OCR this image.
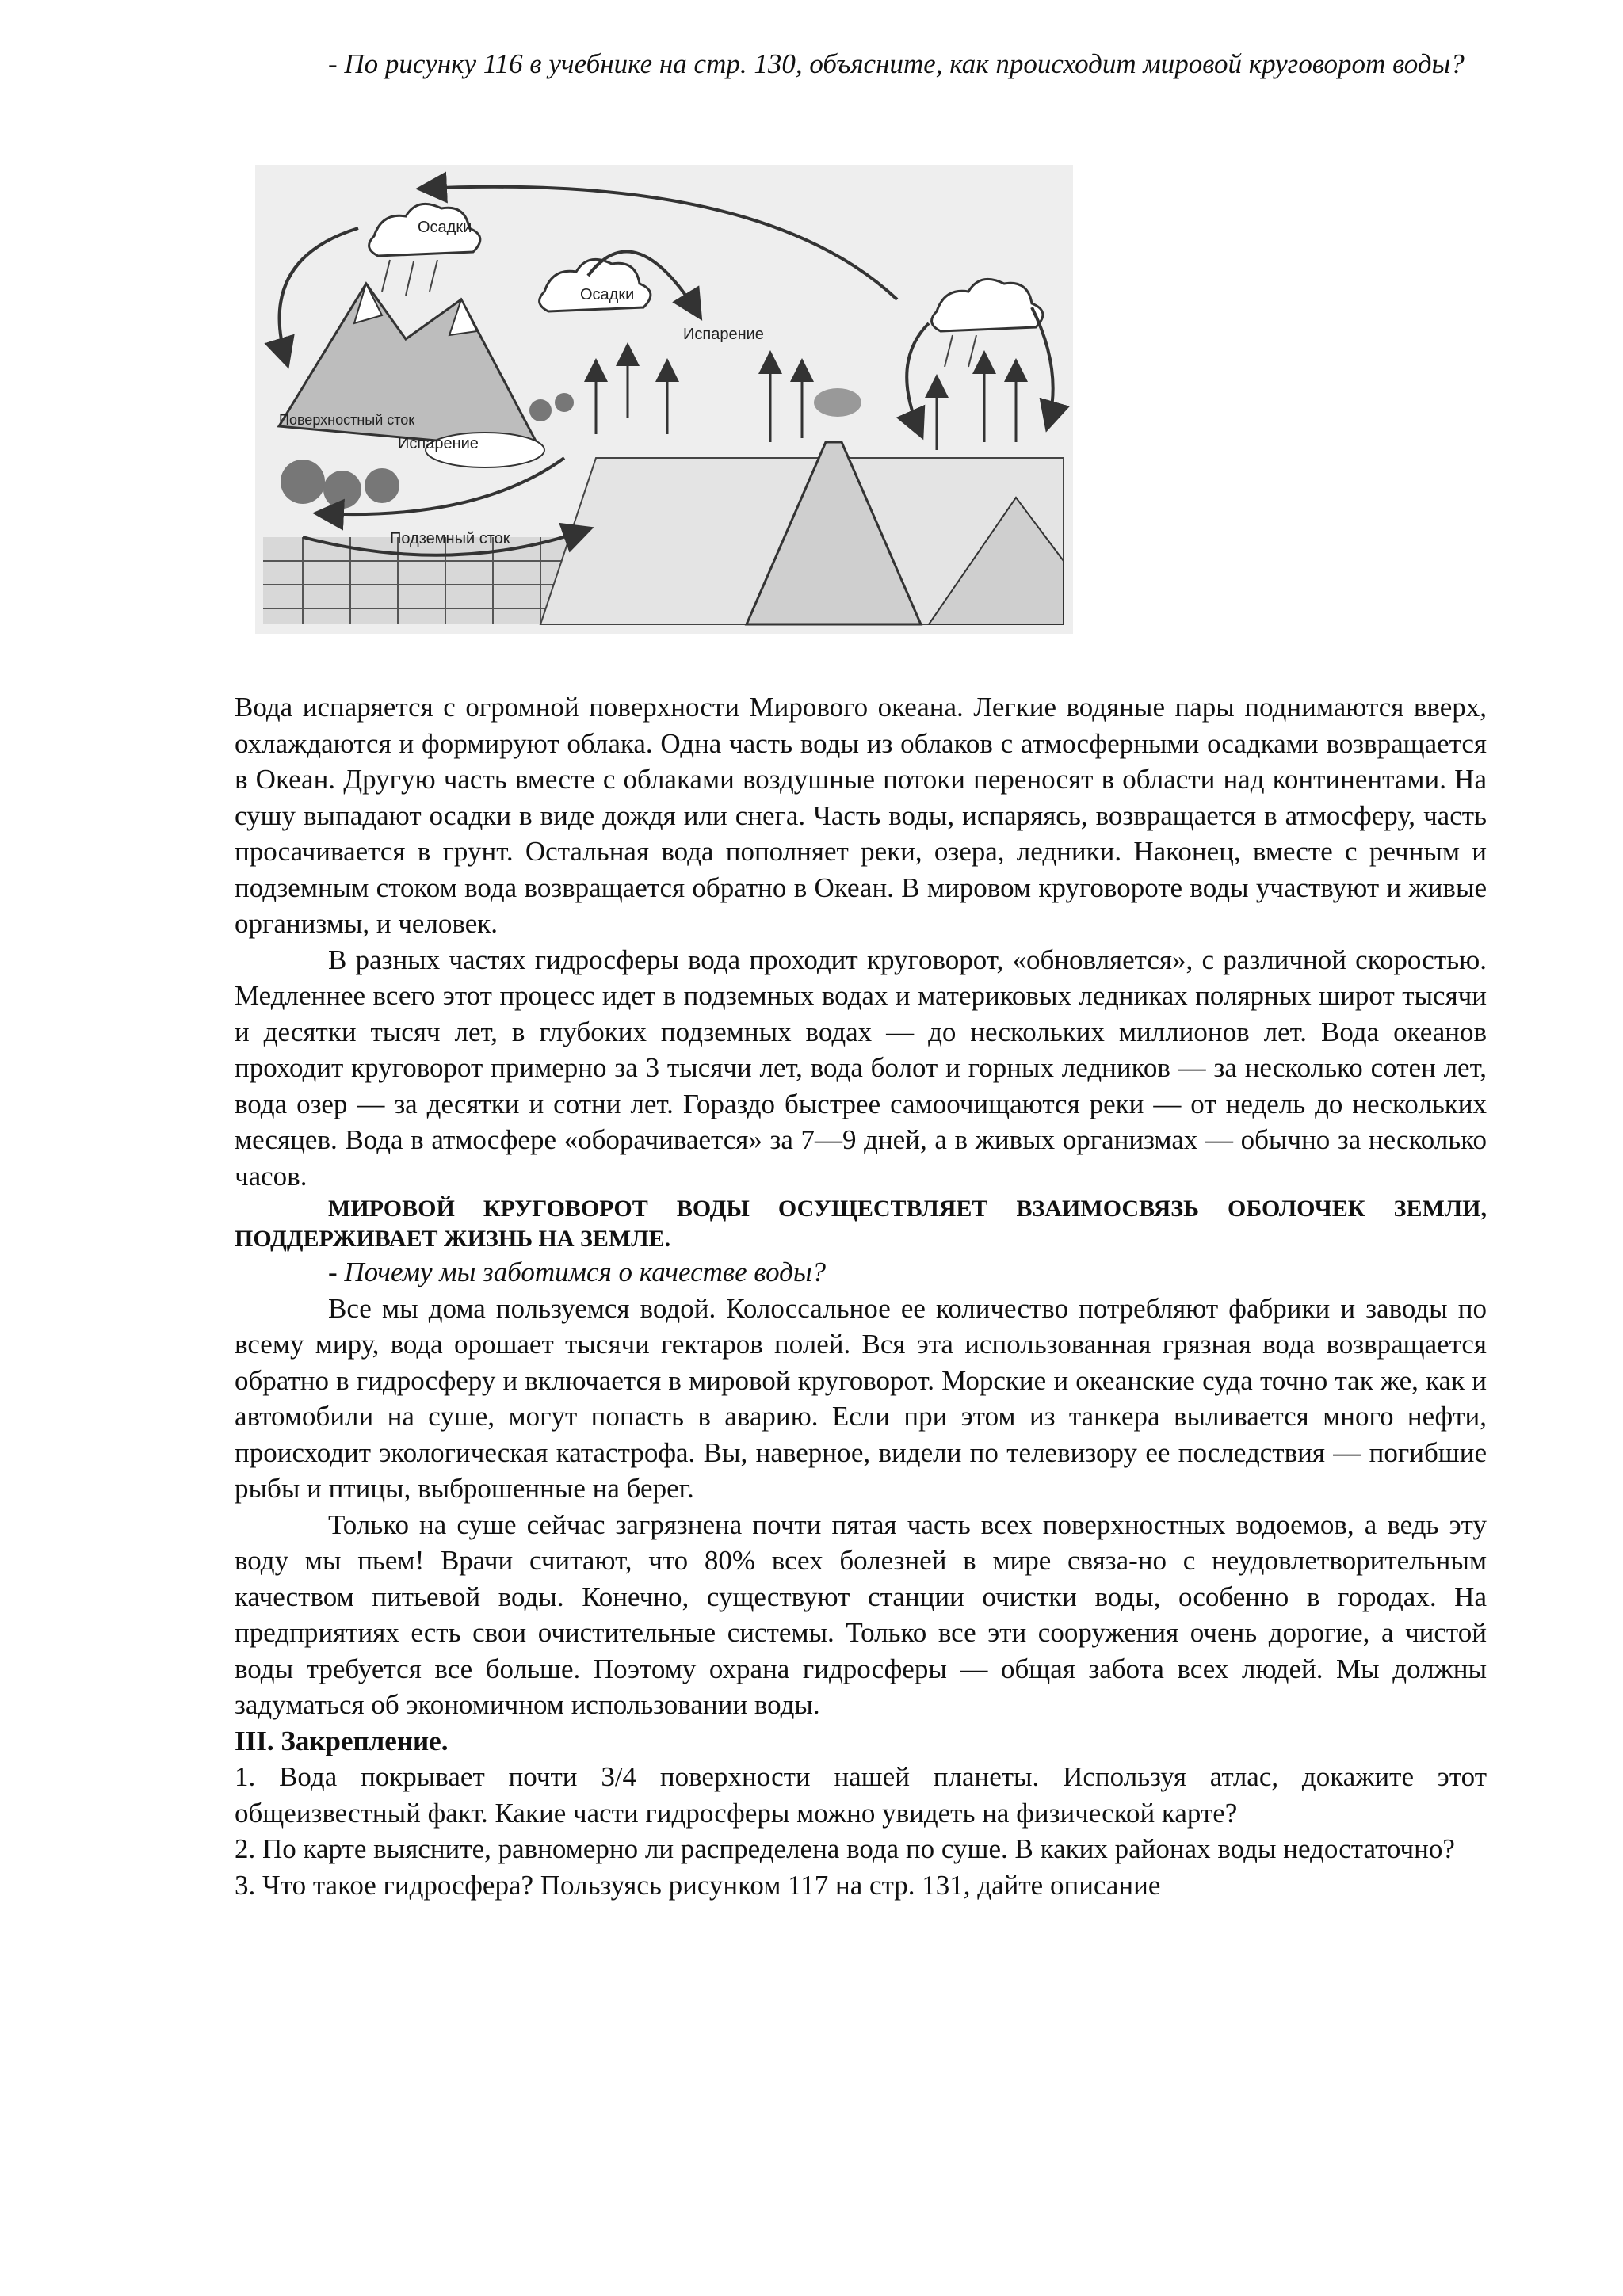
- По рисунку 116 в учебнике на стр. 130, объясните, как происходит мировой круговорот воды?
Осадки
Осадки
Испарение
Поверхностный сток
Испарение
Подземный сток

Вода испаряется с огромной поверхности Мирового океана. Легкие водяные пары поднимаются вверх, охлаждаются и формируют облака. Одна часть воды из облаков с атмосферными осадками возвращается в Океан. Другую часть вместе с облаками воздушные потоки переносят в области над континентами. На сушу выпадают осадки в виде дождя или снега. Часть воды, испаряясь, возвращается в атмосферу, часть просачивается в грунт. Остальная вода пополняет реки, озера, ледники. Наконец, вместе с речным и подземным стоком вода возвращается обратно в Океан. В мировом круговороте воды участвуют и живые организмы, и человек.

В разных частях гидросферы вода проходит круговорот, «обновляется», с различной скоростью. Медленнее всего этот процесс идет в подземных водах и материковых ледниках полярных широт тысячи и десятки тысяч лет, в глубоких подземных водах — до нескольких миллионов лет. Вода океанов проходит круговорот примерно за 3 тысячи лет, вода болот и горных ледников — за несколько сотен лет, вода озер — за десятки и сотни лет. Гораздо быстрее самоочищаются реки — от недель до нескольких месяцев. Вода в атмосфере «оборачивается» за 7—9 дней, а в живых организмах — обычно за несколько часов.

МИРОВОЙ КРУГОВОРОТ ВОДЫ ОСУЩЕСТВЛЯЕТ ВЗАИМОСВЯЗЬ ОБОЛОЧЕК ЗЕМЛИ, ПОДДЕРЖИВАЕТ ЖИЗНЬ НА ЗЕМЛЕ.

- Почему мы заботимся о качестве воды?

Все мы дома пользуемся водой. Колоссальное ее количество потребляют фабрики и заводы по всему миру, вода орошает тысячи гектаров полей. Вся эта использованная грязная вода возвращается обратно в гидросферу и включается в мировой круговорот. Морские и океанские суда точно так же, как и автомобили на суше, могут попасть в аварию. Если при этом из танкера выливается много нефти, происходит экологическая катастрофа. Вы, наверное, видели по телевизору ее последствия — погибшие рыбы и птицы, выброшенные на берег.

Только на суше сейчас загрязнена почти пятая часть всех поверхностных водоемов, а ведь эту воду мы пьем! Врачи считают, что 80% всех болезней в мире связа-но с неудовлетворительным качеством питьевой воды. Конечно, существуют станции очистки воды, особенно в городах. На предприятиях есть свои очистительные системы. Только все эти сооружения очень дорогие, а чистой воды требуется все больше. Поэтому охрана гидросферы — общая забота всех людей. Мы должны задуматься об экономичном использовании воды.

III. Закрепление.

1. Вода покрывает почти 3/4 поверхности нашей планеты. Используя атлас, докажите этот общеизвестный факт. Какие части гидросферы можно увидеть на физической карте?

2. По карте выясните, равномерно ли распределена вода по суше. В каких районах воды недостаточно?

3. Что такое гидросфера? Пользуясь рисунком 117 на стр. 131, дайте описание
